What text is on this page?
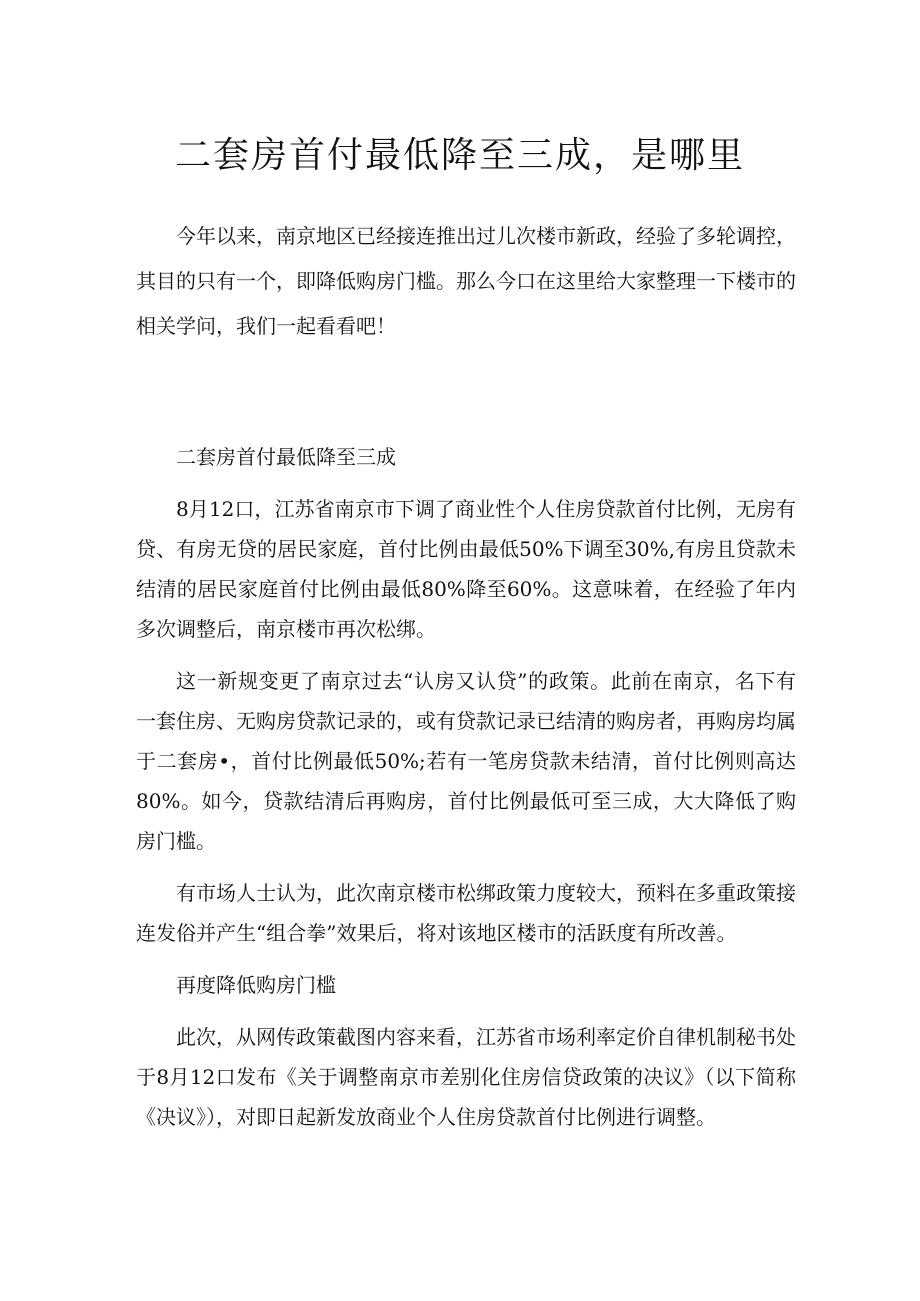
二套房首付最低降至三成，是哪里

今年以来，南京地区已经接连推出过儿次楼市新政，经验了多轮调控，其目的只有一个，即降低购房门槛。那么今口在这里给大家整理一下楼市的相关学问，我们一起看看吧！

二套房首付最低降至三成

8月12口，江苏省南京市下调了商业性个人住房贷款首付比例，无房有贷、有房无贷的居民家庭，首付比例由最低50%下调至30%,有房且贷款未结清的居民家庭首付比例由最低80%降至60%。这意味着，在经验了年内多次调整后，南京楼市再次松绑。

这一新规变更了南京过去“认房又认贷”的政策。此前在南京，名下有一套住房、无购房贷款记录的，或有贷款记录已结清的购房者，再购房均属于二套房•，首付比例最低50%;若有一笔房贷款未结清，首付比例则高达80%。如今，贷款结清后再购房，首付比例最低可至三成，大大降低了购房门槛。

有市场人士认为，此次南京楼市松绑政策力度较大，预料在多重政策接连发俗并产生“组合拳”效果后，将对该地区楼市的活跃度有所改善。

再度降低购房门槛

此次，从网传政策截图内容来看，江苏省市场利率定价自律机制秘书处于8月12口发布《关于调整南京市差别化住房信贷政策的决议》（以下简称《决议》），对即日起新发放商业个人住房贷款首付比例进行调整。
